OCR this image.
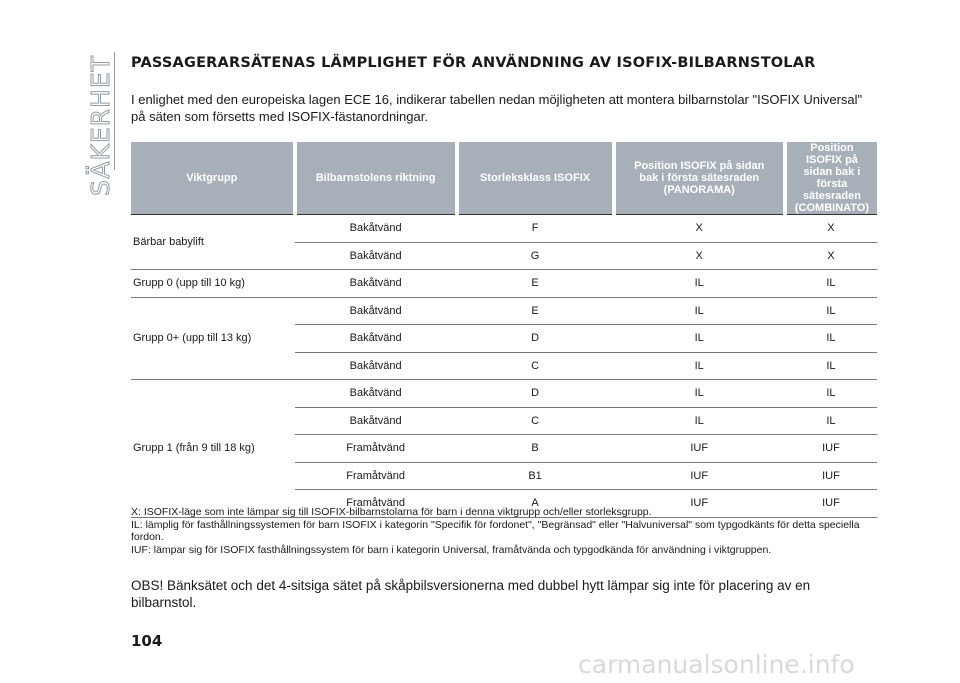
SÄKERHET PASSAGERARSÄTENAS LÄMPLIGHET FÖR ANVÄNDNING AV ISOFIX-BILBARNSTOLAR
I enlighet med den europeiska lagen ECE 16, indikerar tabellen nedan möjligheten att montera bilbarnstolar "ISOFIX Universal" på säten som försetts med ISOFIX-fästanordningar.
Viktgrupp	Bilbarnstolens riktning	Storleksklass ISOFIX	Position ISOFIX på sidan bak i första sätesraden (PANORAMA)	Position ISOFIX på sidan bak i första sätesraden (COMBINATO)
Bärbar babylift	Bakåtvänd	F	X	X
	Bakåtvänd	G	X	X
Grupp 0 (upp till 10 kg)	Bakåtvänd	E	IL	IL
Grupp 0+ (upp till 13 kg)	Bakåtvänd	E	IL	IL
	Bakåtvänd	D	IL	IL
	Bakåtvänd	C	IL	IL
Grupp 1 (från 9 till 18 kg)	Bakåtvänd	D	IL	IL
	Bakåtvänd	C	IL	IL
	Framåtvänd	B	IUF	IUF
	Framåtvänd	B1	IUF	IUF
	Framåtvänd	A	IUF	IUF
X: ISOFIX-läge som inte lämpar sig till ISOFIX-bilbarnstolarna för barn i denna viktgrupp och/eller storleksgrupp.
IL: lämplig för fasthållningssystemen för barn ISOFIX i kategorin "Specifik för fordonet", "Begränsad" eller "Halvuniversal" som typgodkänts för detta speciella fordon.
IUF: lämpar sig för ISOFIX fasthållningssystem för barn i kategorin Universal, framåtvända och typgodkända för användning i viktgruppen.
OBS! Bänksätet och det 4-sitsiga sätet på skåpbilsversionerna med dubbel hytt lämpar sig inte för placering av en bilbarnstol.
104
carmanualsonline.info
